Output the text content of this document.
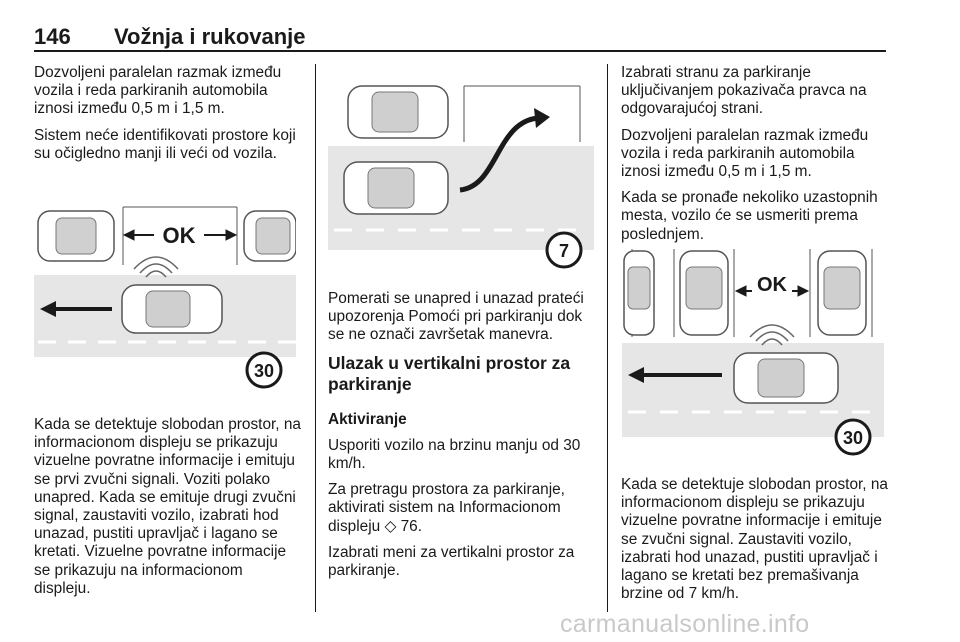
146 Vožnja i rukovanje

Dozvoljeni paralelan razmak između vozila i reda parkiranih automobila iznosi između 0,5 m i 1,5 m.

Sistem neće identifikovati prostore koji su očigledno manji ili veći od vozila.

OK
30

Kada se detektuje slobodan prostor, na informacionom displeju se prikazuju vizuelne povratne informacije i emituju se prvi zvučni signali. Voziti polako unapred. Kada se emituje drugi zvučni signal, zaustaviti vozilo, izabrati hod unazad, pustiti upravljač i lagano se kretati. Vizuelne povratne informacije se prikazuju na informacionom displeju.

7

Pomerati se unapred i unazad prateći upozorenja Pomoći pri parkiranju dok se ne označi završetak manevra.

Ulazak u vertikalni prostor za parkiranje

Aktiviranje

Usporiti vozilo na brzinu manju od 30 km/h.

Za pretragu prostora za parkiranje, aktivirati sistem na Informacionom displeju ◇ 76.

Izabrati meni za vertikalni prostor za parkiranje.

Izabrati stranu za parkiranje uključivanjem pokazivača pravca na odgovarajućoj strani.

Dozvoljeni paralelan razmak između vozila i reda parkiranih automobila iznosi između 0,5 m i 1,5 m.

Kada se pronađe nekoliko uzastopnih mesta, vozilo će se usmeriti prema poslednjem.

OK
30

Kada se detektuje slobodan prostor, na informacionom displeju se prikazuju vizuelne povratne informacije i emituje se zvučni signal. Zaustaviti vozilo, izabrati hod unazad, pustiti upravljač i lagano se kretati bez premašivanja brzine od 7 km/h.

carmanualsonline.info
